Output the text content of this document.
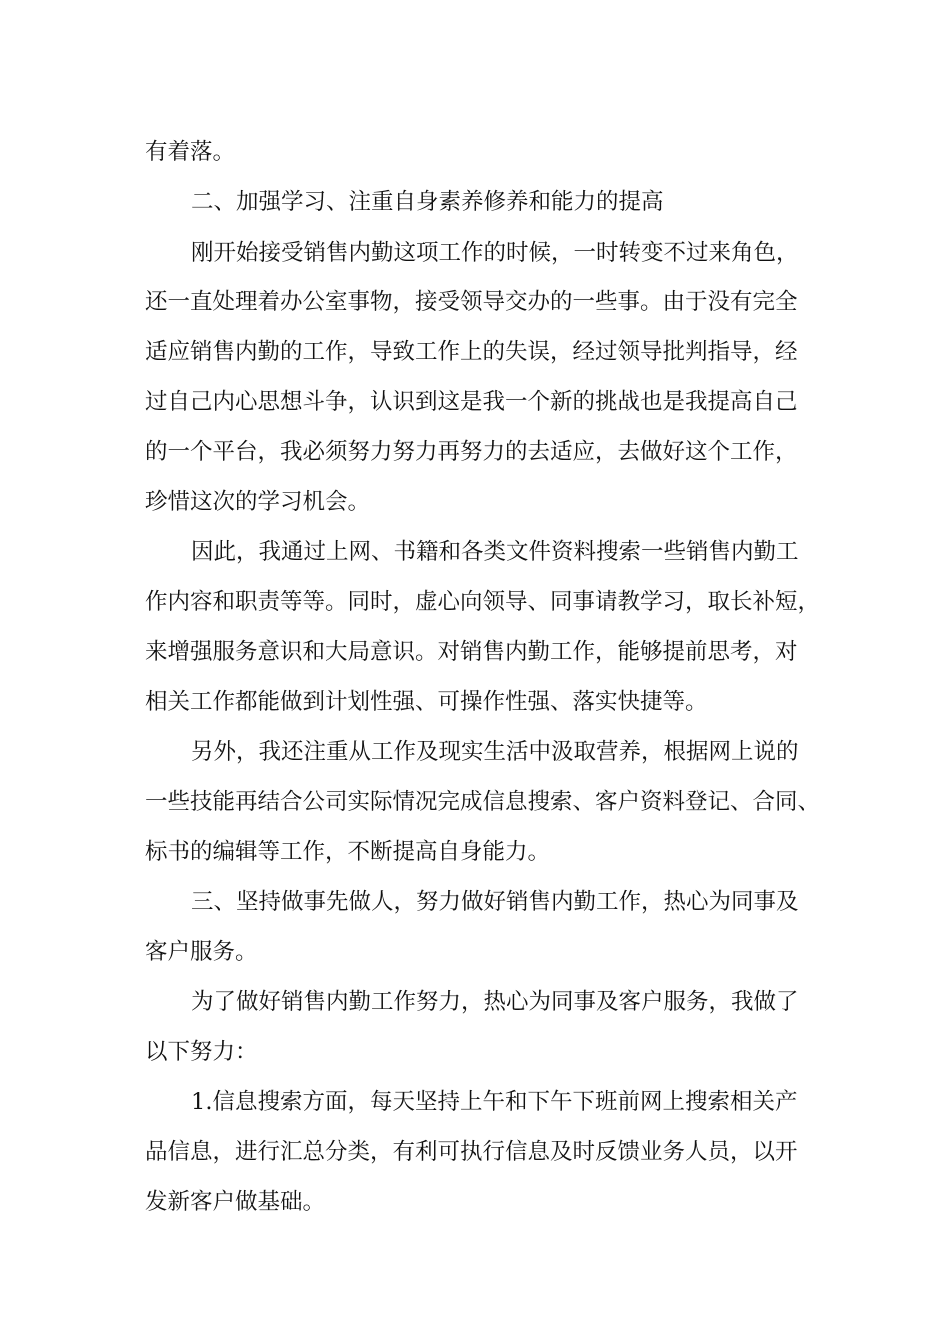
有着落。

二、加强学习、注重自身素养修养和能力的提高

刚开始接受销售内勤这项工作的时候，一时转变不过来角色，

还一直处理着办公室事物，接受领导交办的一些事。由于没有完全

适应销售内勤的工作，导致工作上的失误，经过领导批判指导，经

过自己内心思想斗争，认识到这是我一个新的挑战也是我提高自己

的一个平台，我必须努力努力再努力的去适应，去做好这个工作，

珍惜这次的学习机会。

因此，我通过上网、书籍和各类文件资料搜索一些销售内勤工

作内容和职责等等。同时，虚心向领导、同事请教学习，取长补短，

来增强服务意识和大局意识。对销售内勤工作，能够提前思考，对

相关工作都能做到计划性强、可操作性强、落实快捷等。

另外，我还注重从工作及现实生活中汲取营养，根据网上说的

一些技能再结合公司实际情况完成信息搜索、客户资料登记、合同、

标书的编辑等工作，不断提高自身能力。

三、坚持做事先做人，努力做好销售内勤工作，热心为同事及

客户服务。

为了做好销售内勤工作努力，热心为同事及客户服务，我做了

以下努力：

1.信息搜索方面，每天坚持上午和下午下班前网上搜索相关产

品信息，进行汇总分类，有利可执行信息及时反馈业务人员，以开

发新客户做基础。
